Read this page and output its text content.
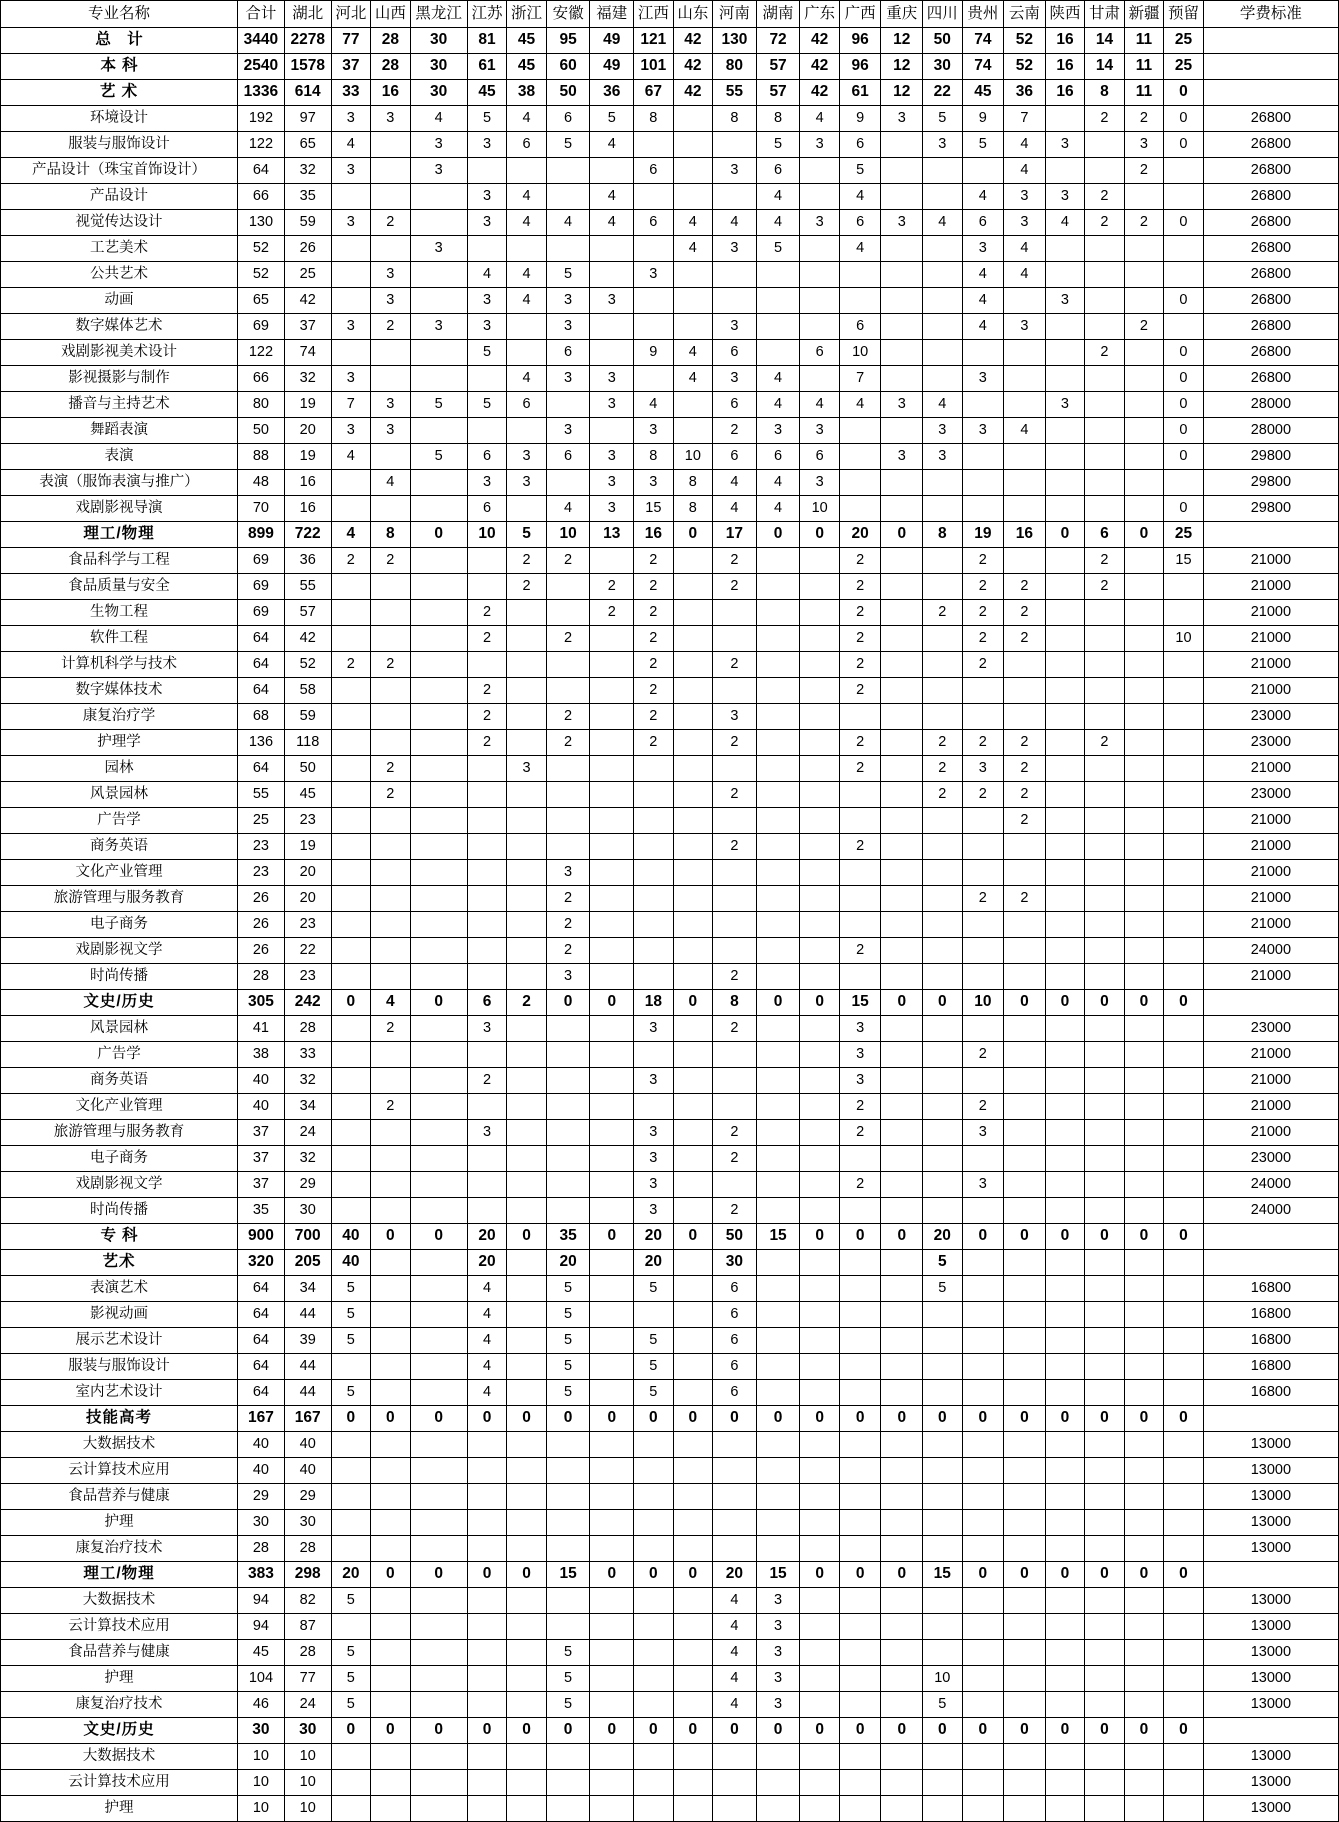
专业名称	合计	湖北	河北	山西	黑龙江	江苏	浙江	安徽	福建	江西	山东	河南	湖南	广东	广西	重庆	四川	贵州	云南	陕西	甘肃	新疆	预留	学费标准
总 计	3440	2278	77	28	30	81	45	95	49	121	42	130	72	42	96	12	50	74	52	16	14	11	25	
本科	2540	1578	37	28	30	61	45	60	49	101	42	80	57	42	96	12	30	74	52	16	14	11	25	
艺 术	1336	614	33	16	30	45	38	50	36	67	42	55	57	42	61	12	22	45	36	16	8	11	0	
环境设计	192	97	3	3	4	5	4	6	5	8		8	8	4	9	3	5	9	7		2	2	0	26800
服装与服饰设计	122	65	4		3	3	6	5	4				5	3	6		3	5	4	3		3	0	26800
产品设计（珠宝首饰设计）	64	32	3		3					6		3	6		5				4			2		26800
产品设计	66	35				3	4		4				4		4			4	3	3	2			26800
视觉传达设计	130	59	3	2		3	4	4	4	6	4	4	4	3	6	3	4	6	3	4	2	2	0	26800
工艺美术	52	26			3						4	3	5		4			3	4					26800
公共艺术	52	25		3		4	4	5		3								4	4					26800
动画	65	42		3		3	4	3	3									4		3			0	26800
数字媒体艺术	69	37	3	2	3	3		3				3			6			4	3			2		26800
戏剧影视美术设计	122	74				5		6		9	4	6		6	10						2		0	26800
影视摄影与制作	66	32	3				4	3	3		4	3	4		7			3					0	26800
播音与主持艺术	80	19	7	3	5	5	6		3	4		6	4	4	4	3	4			3			0	28000
舞蹈表演	50	20	3	3				3		3		2	3	3			3	3	4				0	28000
表演	88	19	4		5	6	3	6	3	8	10	6	6	6		3	3						0	29800
表演（服饰表演与推广）	48	16		4		3	3		3	3	8	4	4	3										29800
戏剧影视导演	70	16				6		4	3	15	8	4	4	10									0	29800
理工/物理	899	722	4	8	0	10	5	10	13	16	0	17	0	0	20	0	8	19	16	0	6	0	25	
食品科学与工程	69	36	2	2			2	2		2		2			2			2			2		15	21000
食品质量与安全	69	55					2		2	2		2			2			2	2		2			21000
生物工程	69	57				2			2	2					2		2	2	2					21000
软件工程	64	42				2		2		2					2			2	2				10	21000
计算机科学与技术	64	52	2	2						2		2			2			2						21000
数字媒体技术	64	58				2				2					2									21000
康复治疗学	68	59				2		2		2		3												23000
护理学	136	118				2		2		2		2			2		2	2	2		2			23000
园林	64	50		2			3								2		2	3	2					21000
风景园林	55	45		2								2					2	2	2					23000
广告学	25	23																	2					21000
商务英语	23	19										2			2									21000
文化产业管理	23	20						3																21000
旅游管理与服务教育	26	20						2										2	2					21000
电子商务	26	23						2																21000
戏剧影视文学	26	22						2							2									24000
时尚传播	28	23						3				2												21000
文史/历史	305	242	0	4	0	6	2	0	0	18	0	8	0	0	15	0	0	10	0	0	0	0	0	
风景园林	41	28		2		3				3		2			3									23000
广告学	38	33													3			2						21000
商务英语	40	32				2				3					3									21000
文化产业管理	40	34		2											2			2						21000
旅游管理与服务教育	37	24				3				3		2			2			3						21000
电子商务	37	32								3		2												23000
戏剧影视文学	37	29								3					2			3						24000
时尚传播	35	30								3		2												24000
专科	900	700	40	0	0	20	0	35	0	20	0	50	15	0	0	0	20	0	0	0	0	0	0	
艺术	320	205	40			20		20		20		30					5							
表演艺术	64	34	5			4		5		5		6					5							16800
影视动画	64	44	5			4		5				6												16800
展示艺术设计	64	39	5			4		5		5		6												16800
服装与服饰设计	64	44				4		5		5		6												16800
室内艺术设计	64	44	5			4		5		5		6												16800
技能高考	167	167	0	0	0	0	0	0	0	0	0	0	0	0	0	0	0	0	0	0	0	0	0	
大数据技术	40	40																						13000
云计算技术应用	40	40																						13000
食品营养与健康	29	29																						13000
护理	30	30																						13000
康复治疗技术	28	28																						13000
理工/物理	383	298	20	0	0	0	0	15	0	0	0	20	15	0	0	0	15	0	0	0	0	0	0	
大数据技术	94	82	5									4	3											13000
云计算技术应用	94	87										4	3											13000
食品营养与健康	45	28	5					5				4	3											13000
护理	104	77	5					5				4	3				10							13000
康复治疗技术	46	24	5					5				4	3				5							13000
文史/历史	30	30	0	0	0	0	0	0	0	0	0	0	0	0	0	0	0	0	0	0	0	0	0	
大数据技术	10	10																						13000
云计算技术应用	10	10																						13000
护理	10	10																						13000
